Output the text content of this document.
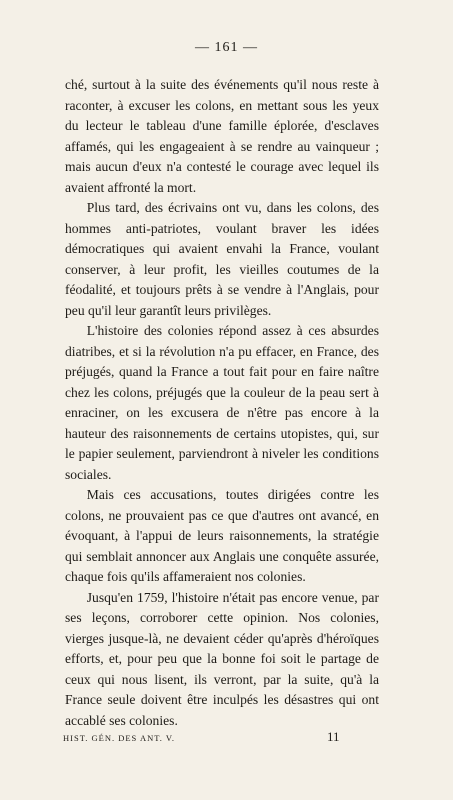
— 161 —

ché, surtout à la suite des événements qu'il nous reste à raconter, à excuser les colons, en mettant sous les yeux du lecteur le tableau d'une famille éplorée, d'esclaves affamés, qui les engageaient à se rendre au vainqueur ; mais aucun d'eux n'a contesté le courage avec lequel ils avaient affronté la mort.

Plus tard, des écrivains ont vu, dans les colons, des hommes anti-patriotes, voulant braver les idées démocratiques qui avaient envahi la France, voulant conserver, à leur profit, les vieilles coutumes de la féodalité, et toujours prêts à se vendre à l'Anglais, pour peu qu'il leur garantît leurs privilèges.

L'histoire des colonies répond assez à ces absurdes diatribes, et si la révolution n'a pu effacer, en France, des préjugés, quand la France a tout fait pour en faire naître chez les colons, préjugés que la couleur de la peau sert à enraciner, on les excusera de n'être pas encore à la hauteur des raisonnements de certains utopistes, qui, sur le papier seulement, parviendront à niveler les conditions sociales.

Mais ces accusations, toutes dirigées contre les colons, ne prouvaient pas ce que d'autres ont avancé, en évoquant, à l'appui de leurs raisonnements, la stratégie qui semblait annoncer aux Anglais une conquête assurée, chaque fois qu'ils affameraient nos colonies.

Jusqu'en 1759, l'histoire n'était pas encore venue, par ses leçons, corroborer cette opinion. Nos colonies, vierges jusque-là, ne devaient céder qu'après d'héroïques efforts, et, pour peu que la bonne foi soit le partage de ceux qui nous lisent, ils verront, par la suite, qu'à la France seule doivent être inculpés les désastres qui ont accablé ses colonies.

HIST. GÉN. DES ANT. V.	11
